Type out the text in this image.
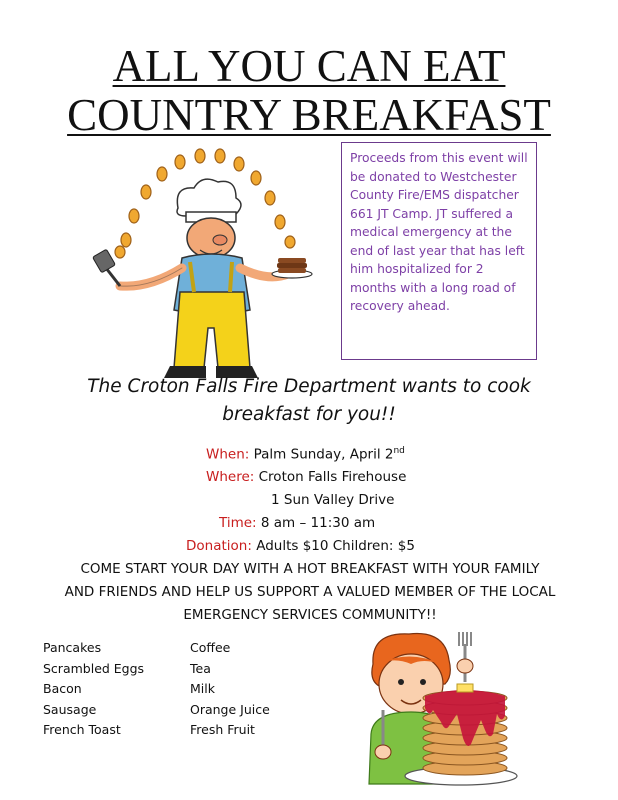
ALL YOU CAN EAT
COUNTRY BREAKFAST
Proceeds from this event will be donated to Westchester County Fire/EMS dispatcher 661 JT Camp. JT suffered a medical emergency at the end of last year that has left him hospitalized for 2 months with a long road of recovery ahead.
The Croton Falls Fire Department wants to cook
breakfast for you!!
When: Palm Sunday, April 2nd
Where: Croton Falls Firehouse
1 Sun Valley Drive
Time: 8 am – 11:30 am
Donation: Adults $10 Children: $5
COME START YOUR DAY WITH A HOT BREAKFAST WITH YOUR FAMILY
AND FRIENDS AND HELP US SUPPORT A VALUED MEMBER OF THE LOCAL
EMERGENCY SERVICES COMMUNITY!!
Pancakes
Scrambled Eggs
Bacon
Sausage
French Toast
Coffee
Tea
Milk
Orange Juice
Fresh Fruit
